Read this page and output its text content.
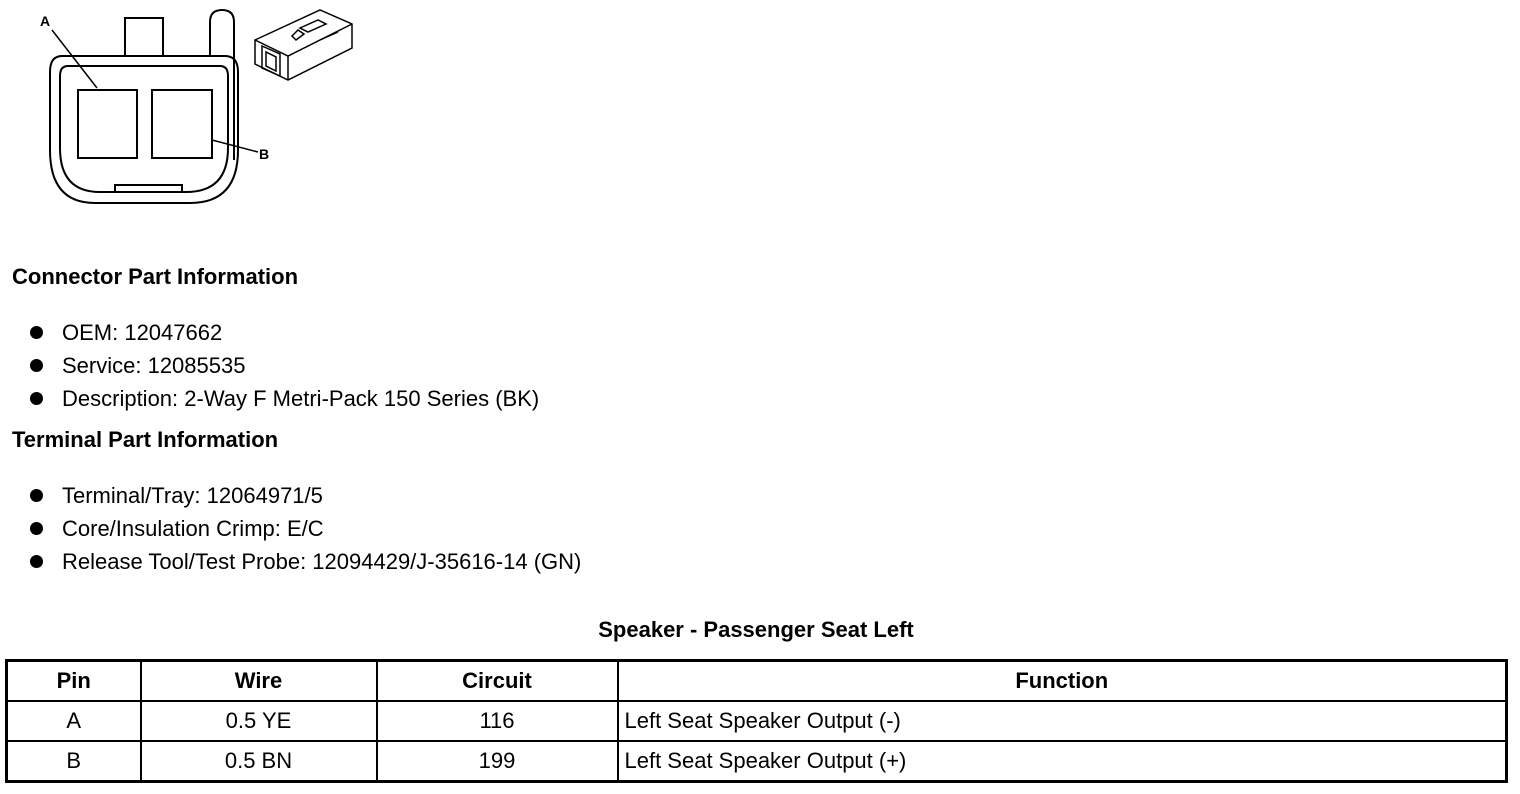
A
B
Connector Part Information
OEM: 12047662
Service: 12085535
Description: 2-Way F Metri-Pack 150 Series (BK)
Terminal Part Information
Terminal/Tray: 12064971/5
Core/Insulation Crimp: E/C
Release Tool/Test Probe: 12094429/J-35616-14 (GN)
Speaker - Passenger Seat Left
Pin	Wire	Circuit	Function
A	0.5 YE	116	Left Seat Speaker Output (-)
B	0.5 BN	199	Left Seat Speaker Output (+)
